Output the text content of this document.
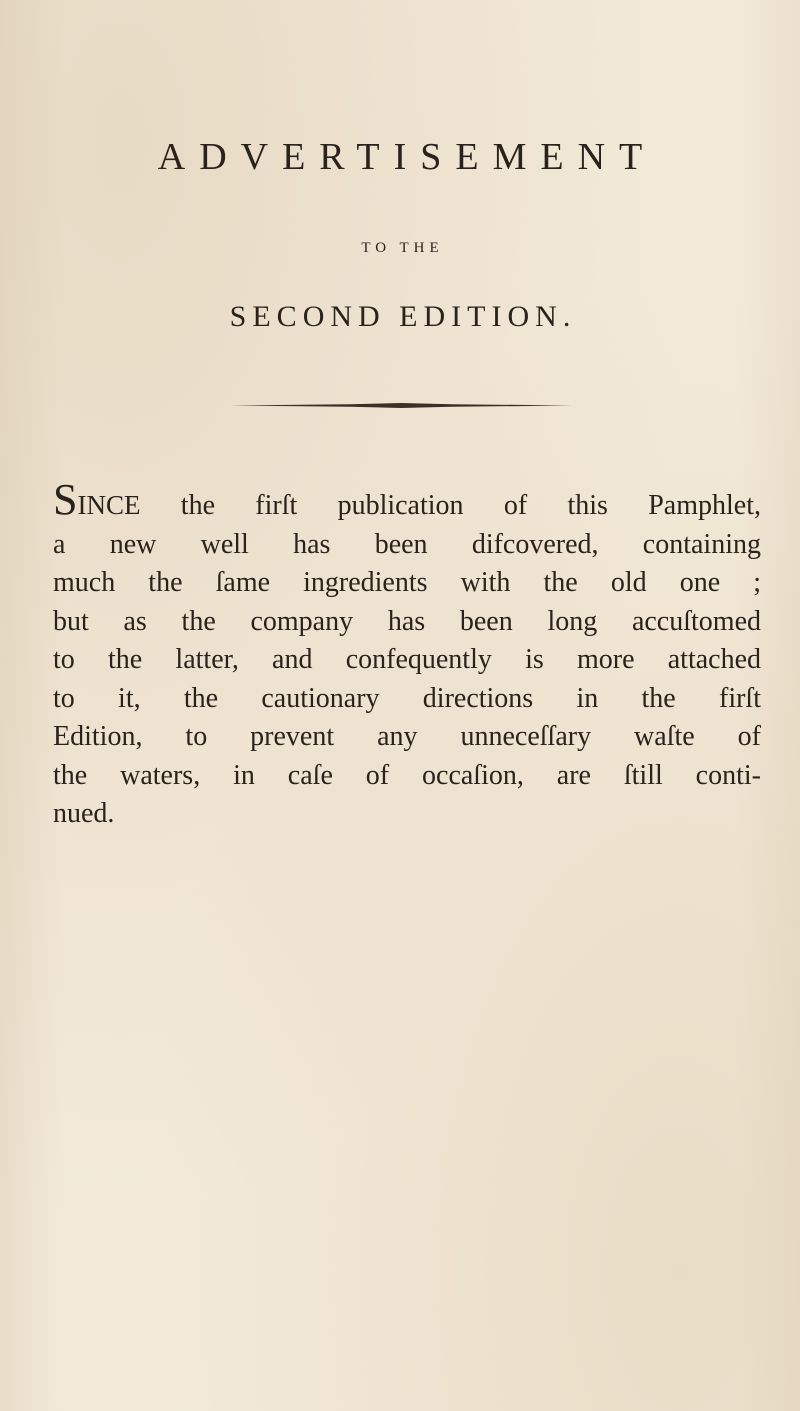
ADVERTISEMENT
TO THE
SECOND EDITION.
SINCE the firſt publication of this Pamphlet,
a new well has been difcovered, containing
much the ſame ingredients with the old one ;
but as the company has been long accuſtomed
to the latter, and confequently is more attached
to it, the cautionary directions in the firſt
Edition, to prevent any unneceſſary waſte of
the waters, in caſe of occaſion, are ſtill conti-
nued.
